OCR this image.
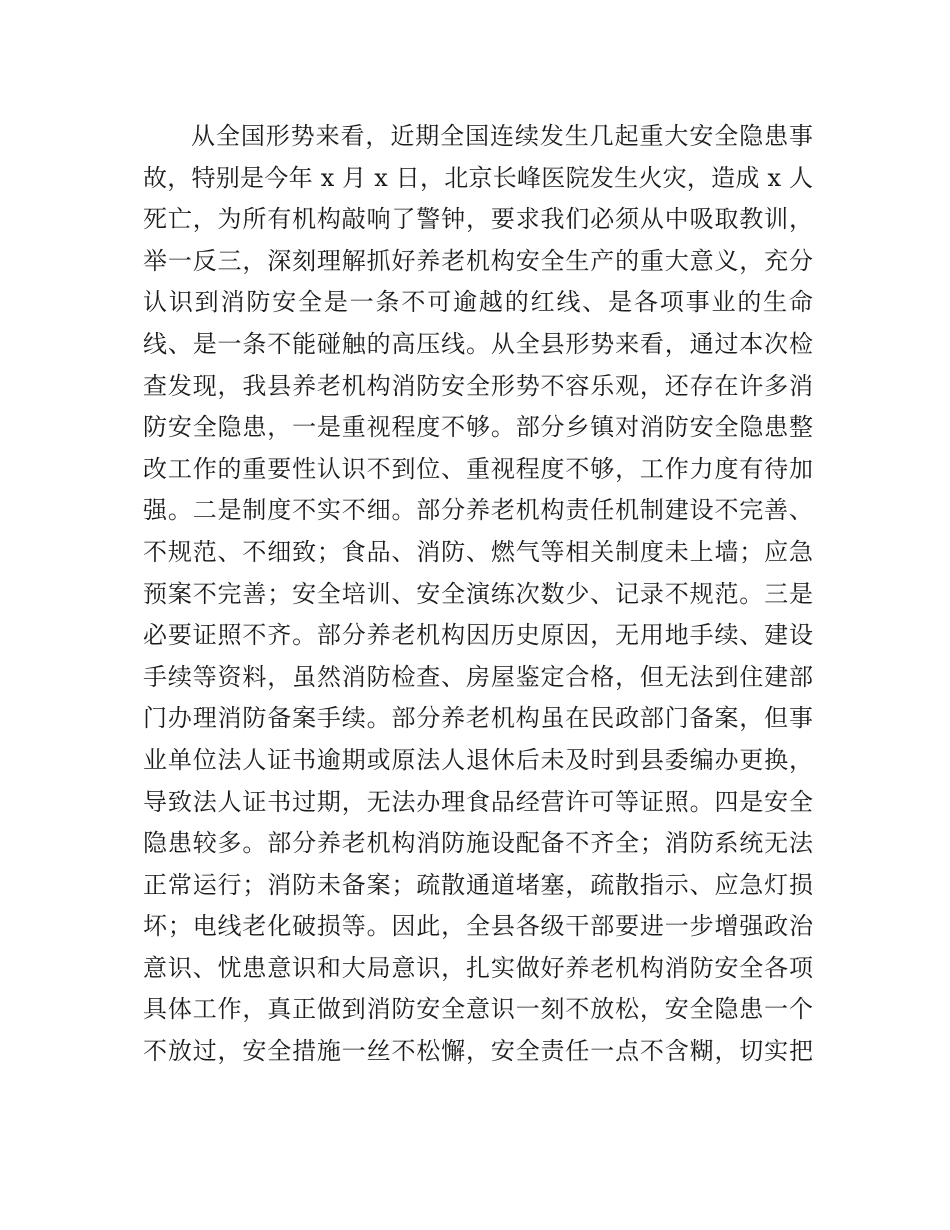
从全国形势来看，近期全国连续发生几起重大安全隐患事
故，特别是今年 x 月 x 日，北京长峰医院发生火灾，造成 x 人
死亡，为所有机构敲响了警钟，要求我们必须从中吸取教训，
举一反三，深刻理解抓好养老机构安全生产的重大意义，充分
认识到消防安全是一条不可逾越的红线、是各项事业的生命
线、是一条不能碰触的高压线。从全县形势来看，通过本次检
查发现，我县养老机构消防安全形势不容乐观，还存在许多消
防安全隐患，一是重视程度不够。部分乡镇对消防安全隐患整
改工作的重要性认识不到位、重视程度不够，工作力度有待加
强。二是制度不实不细。部分养老机构责任机制建设不完善、
不规范、不细致；食品、消防、燃气等相关制度未上墙；应急
预案不完善；安全培训、安全演练次数少、记录不规范。三是
必要证照不齐。部分养老机构因历史原因，无用地手续、建设
手续等资料，虽然消防检查、房屋鉴定合格，但无法到住建部
门办理消防备案手续。部分养老机构虽在民政部门备案，但事
业单位法人证书逾期或原法人退休后未及时到县委编办更换，
导致法人证书过期，无法办理食品经营许可等证照。四是安全
隐患较多。部分养老机构消防施设配备不齐全；消防系统无法
正常运行；消防未备案；疏散通道堵塞，疏散指示、应急灯损
坏；电线老化破损等。因此，全县各级干部要进一步增强政治
意识、忧患意识和大局意识，扎实做好养老机构消防安全各项
具体工作，真正做到消防安全意识一刻不放松，安全隐患一个
不放过，安全措施一丝不松懈，安全责任一点不含糊，切实把
